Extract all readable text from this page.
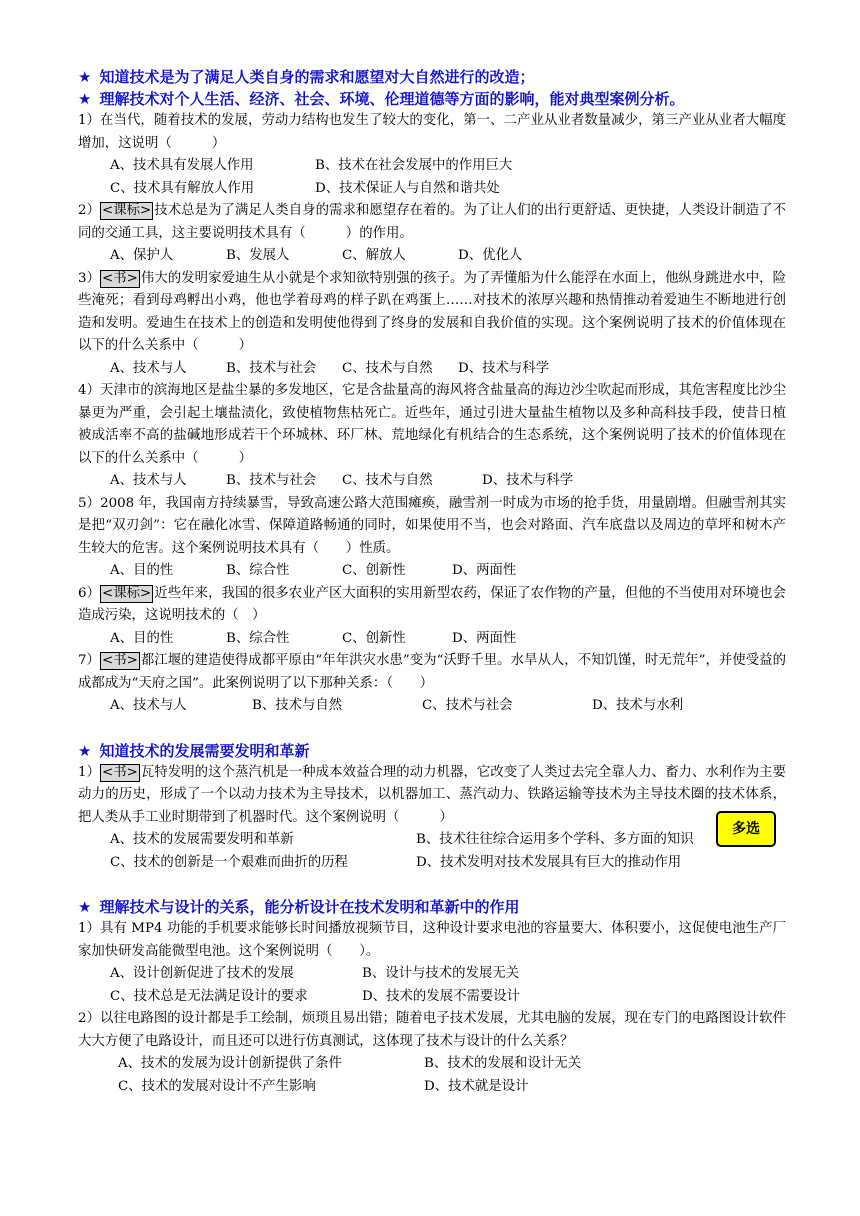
★ 知道技术是为了满足人类自身的需求和愿望对大自然进行的改造；
★ 理解技术对个人生活、经济、社会、环境、伦理道德等方面的影响，能对典型案例分析。
1）在当代，随着技术的发展，劳动力结构也发生了较大的变化，第一、二产业从业者数量减少，第三产业从业者大幅度增加，这说明（　　　）
A、技术具有发展人作用	B、技术在社会发展中的作用巨大
C、技术具有解放人作用	D、技术保证人与自然和谐共处
2） <课标> 技术总是为了满足人类自身的需求和愿望存在着的。为了让人们的出行更舒适、更快捷，人类设计制造了不同的交通工具，这主要说明技术具有（　　　）的作用。
A、保护人	B、发展人	C、解放人	D、优化人
3） <书> 伟大的发明家爱迪生从小就是个求知欲特别强的孩子。为了弄懂船为什么能浮在水面上，他纵身跳进水中，险些淹死；看到母鸡孵出小鸡，他也学着母鸡的样子趴在鸡蛋上……对技术的浓厚兴趣和热情推动着爱迪生不断地进行创造和发明。爱迪生在技术上的创造和发明使他得到了终身的发展和自我价值的实现。这个案例说明了技术的价值体现在以下的什么关系中（　　　）
A、技术与人	B、技术与社会	C、技术与自然	D、技术与科学
4）天津市的滨海地区是盐尘暴的多发地区，它是含盐量高的海风将含盐量高的海边沙尘吹起而形成，其危害程度比沙尘暴更为严重，会引起土壤盐渍化，致使植物焦枯死亡。近些年，通过引进大量盐生植物以及多种高科技手段，使昔日植被成活率不高的盐碱地形成若干个环城林、环厂林、荒地绿化有机结合的生态系统，这个案例说明了技术的价值体现在以下的什么关系中（　　　）
A、技术与人	B、技术与社会	C、技术与自然	D、技术与科学
5）2008 年，我国南方持续暴雪，导致高速公路大范围瘫痪，融雪剂一时成为市场的抢手货，用量剧增。但融雪剂其实是把“双刃剑”：它在融化冰雪、保障道路畅通的同时，如果使用不当，也会对路面、汽车底盘以及周边的草坪和树木产生较大的危害。这个案例说明技术具有（　　）性质。
A、目的性	B、综合性	C、创新性	D、两面性
6） <课标> 近些年来，我国的很多农业产区大面积的实用新型农药，保证了农作物的产量，但他的不当使用对环境也会造成污染，这说明技术的（　）
A、目的性	B、综合性	C、创新性	D、两面性
7） <书> 都江堰的建造使得成都平原由“年年洪灾水患”变为“沃野千里。水旱从人，不知饥馑，时无荒年”，并使受益的成都成为“天府之国”。此案例说明了以下那种关系：（　　）
A、技术与人	B、技术与自然	C、技术与社会	D、技术与水利
★ 知道技术的发展需要发明和革新
1） <书> 瓦特发明的这个蒸汽机是一种成本效益合理的动力机器，它改变了人类过去完全靠人力、畜力、水利作为主要动力的历史，形成了一个以动力技术为主导技术，以机器加工、蒸汽动力、铁路运输等技术为主导技术圈的技术体系，把人类从手工业时期带到了机器时代。这个案例说明（　　　）
A、技术的发展需要发明和革新	B、技术往往综合运用多个学科、多方面的知识
C、技术的创新是一个艰难而曲折的历程	D、技术发明对技术发展具有巨大的推动作用
★ 理解技术与设计的关系，能分析设计在技术发明和革新中的作用
1）具有 MP4 功能的手机要求能够长时间播放视频节目，这种设计要求电池的容量要大、体积要小，这促使电池生产厂家加快研发高能微型电池。这个案例说明（　　）。
A、设计创新促进了技术的发展	B、设计与技术的发展无关
C、技术总是无法满足设计的要求	D、技术的发展不需要设计
2）以往电路图的设计都是手工绘制，烦琐且易出错；随着电子技术发展，尤其电脑的发展，现在专门的电路图设计软件大大方便了电路设计，而且还可以进行仿真测试，这体现了技术与设计的什么关系？
A、技术的发展为设计创新提供了条件	B、技术的发展和设计无关
C、技术的发展对设计不产生影响	D、技术就是设计
多选
